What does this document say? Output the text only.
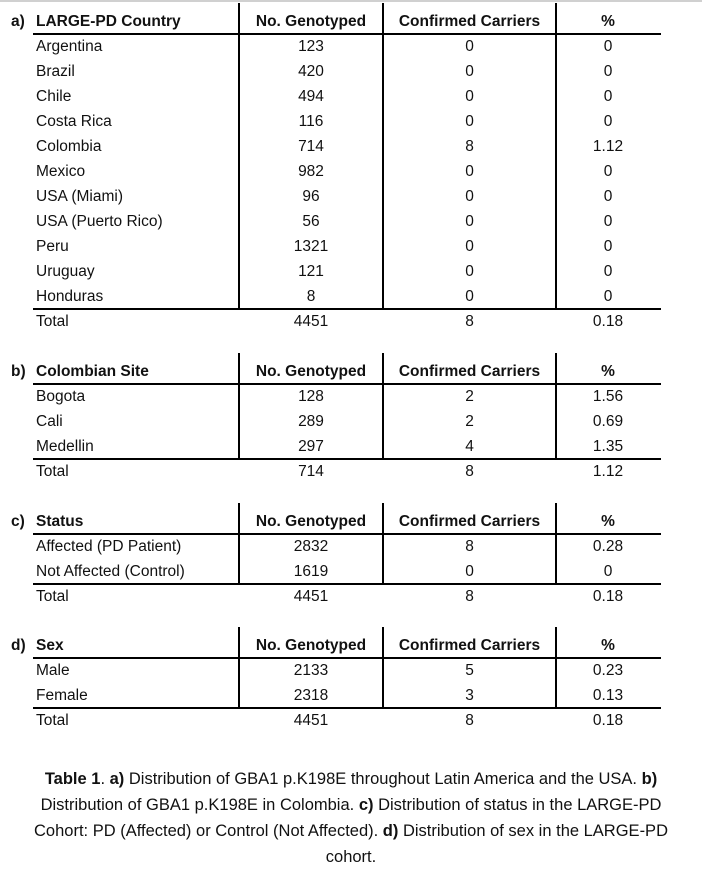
a) LARGE-PD Country	No. Genotyped	Confirmed Carriers	%
Argentina	123	0	0
Brazil	420	0	0
Chile	494	0	0
Costa Rica	116	0	0
Colombia	714	8	1.12
Mexico	982	0	0
USA (Miami)	96	0	0
USA (Puerto Rico)	56	0	0
Peru	1321	0	0
Uruguay	121	0	0
Honduras	8	0	0
Total	4451	8	0.18
b) Colombian Site	No. Genotyped	Confirmed Carriers	%
Bogota	128	2	1.56
Cali	289	2	0.69
Medellin	297	4	1.35
Total	714	8	1.12
c) Status	No. Genotyped	Confirmed Carriers	%
Affected (PD Patient)	2832	8	0.28
Not Affected (Control)	1619	0	0
Total	4451	8	0.18
d) Sex	No. Genotyped	Confirmed Carriers	%
Male	2133	5	0.23
Female	2318	3	0.13
Total	4451	8	0.18
Table 1. a) Distribution of GBA1 p.K198E throughout Latin America and the USA. b) Distribution of GBA1 p.K198E in Colombia. c) Distribution of status in the LARGE-PD Cohort: PD (Affected) or Control (Not Affected). d) Distribution of sex in the LARGE-PD cohort.
